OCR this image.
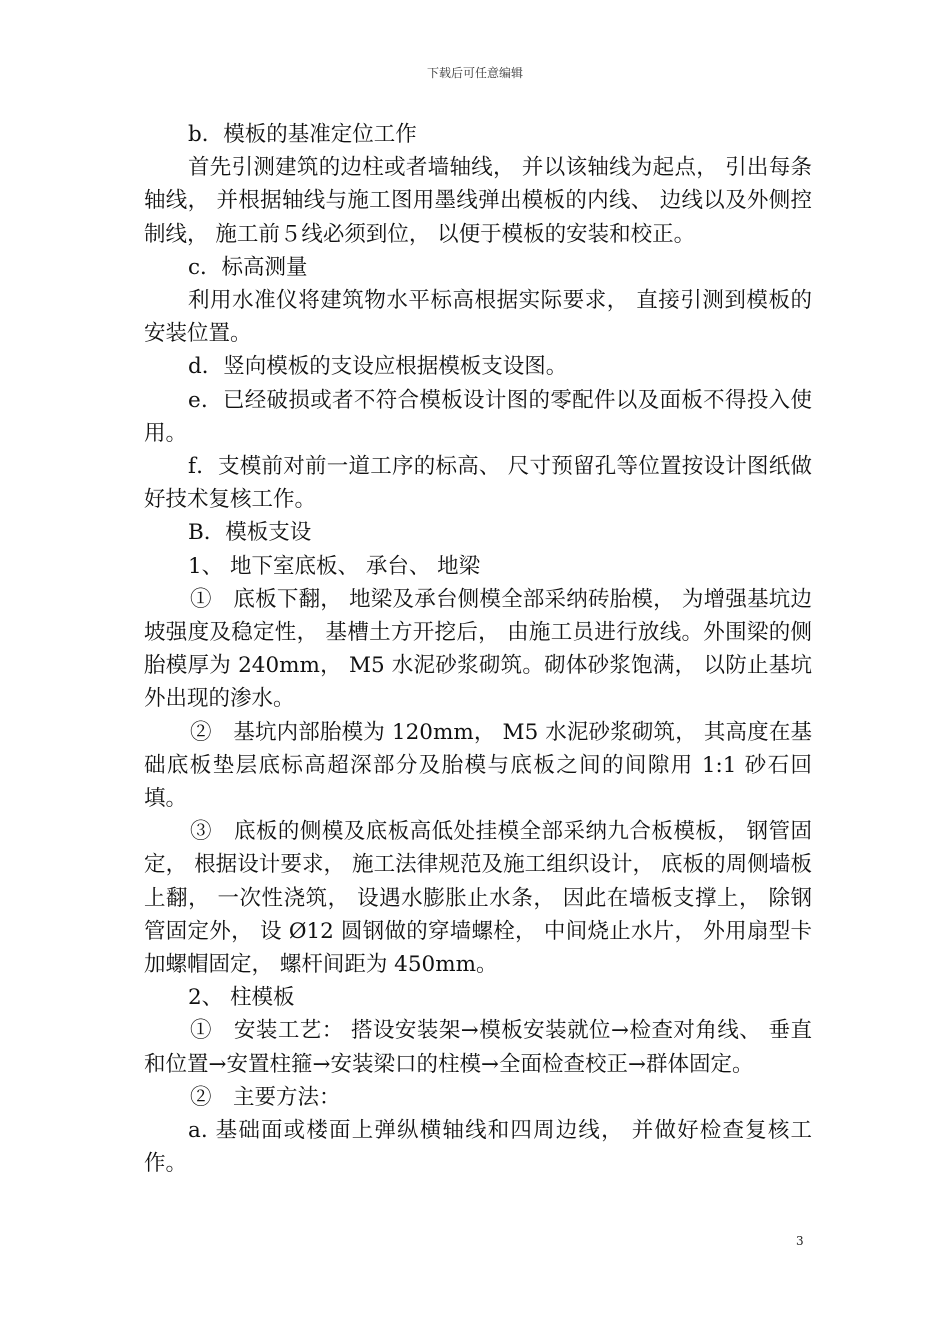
下载后可任意编辑

b．模板的基准定位工作

首先引测建筑的边柱或者墙轴线， 并以该轴线为起点， 引出每条轴线， 并根据轴线与施工图用墨线弹出模板的内线、 边线以及外侧控制线， 施工前５线必须到位， 以便于模板的安装和校正。

c．标高测量

利用水准仪将建筑物水平标高根据实际要求， 直接引测到模板的安装位置。

d．竖向模板的支设应根据模板支设图。

e．已经破损或者不符合模板设计图的零配件以及面板不得投入使用。

f．支模前对前一道工序的标高、 尺寸预留孔等位置按设计图纸做好技术复核工作。

B．模板支设

1、 地下室底板、 承台、 地梁

①　底板下翻， 地梁及承台侧模全部采纳砖胎模， 为增强基坑边坡强度及稳定性， 基槽土方开挖后， 由施工员进行放线。外围梁的侧胎模厚为 240mm， M5 水泥砂浆砌筑。砌体砂浆饱满， 以防止基坑外出现的渗水。

②　基坑内部胎模为 120mm， M5 水泥砂浆砌筑， 其高度在基础底板垫层底标高超深部分及胎模与底板之间的间隙用 1:1 砂石回填。

③　底板的侧模及底板高低处挂模全部采纳九合板模板， 钢管固定， 根据设计要求， 施工法律规范及施工组织设计， 底板的周侧墙板上翻， 一次性浇筑， 设遇水膨胀止水条， 因此在墙板支撑上， 除钢管固定外， 设 Ø12 圆钢做的穿墙螺栓， 中间烧止水片， 外用扇型卡加螺帽固定， 螺杆间距为 450mm。

2、 柱模板

①　安装工艺： 搭设安装架→模板安装就位→检查对角线、 垂直和位置→安置柱箍→安装梁口的柱模→全面检查校正→群体固定。

②　主要方法：

a. 基础面或楼面上弹纵横轴线和四周边线， 并做好检查复核工作。

3
